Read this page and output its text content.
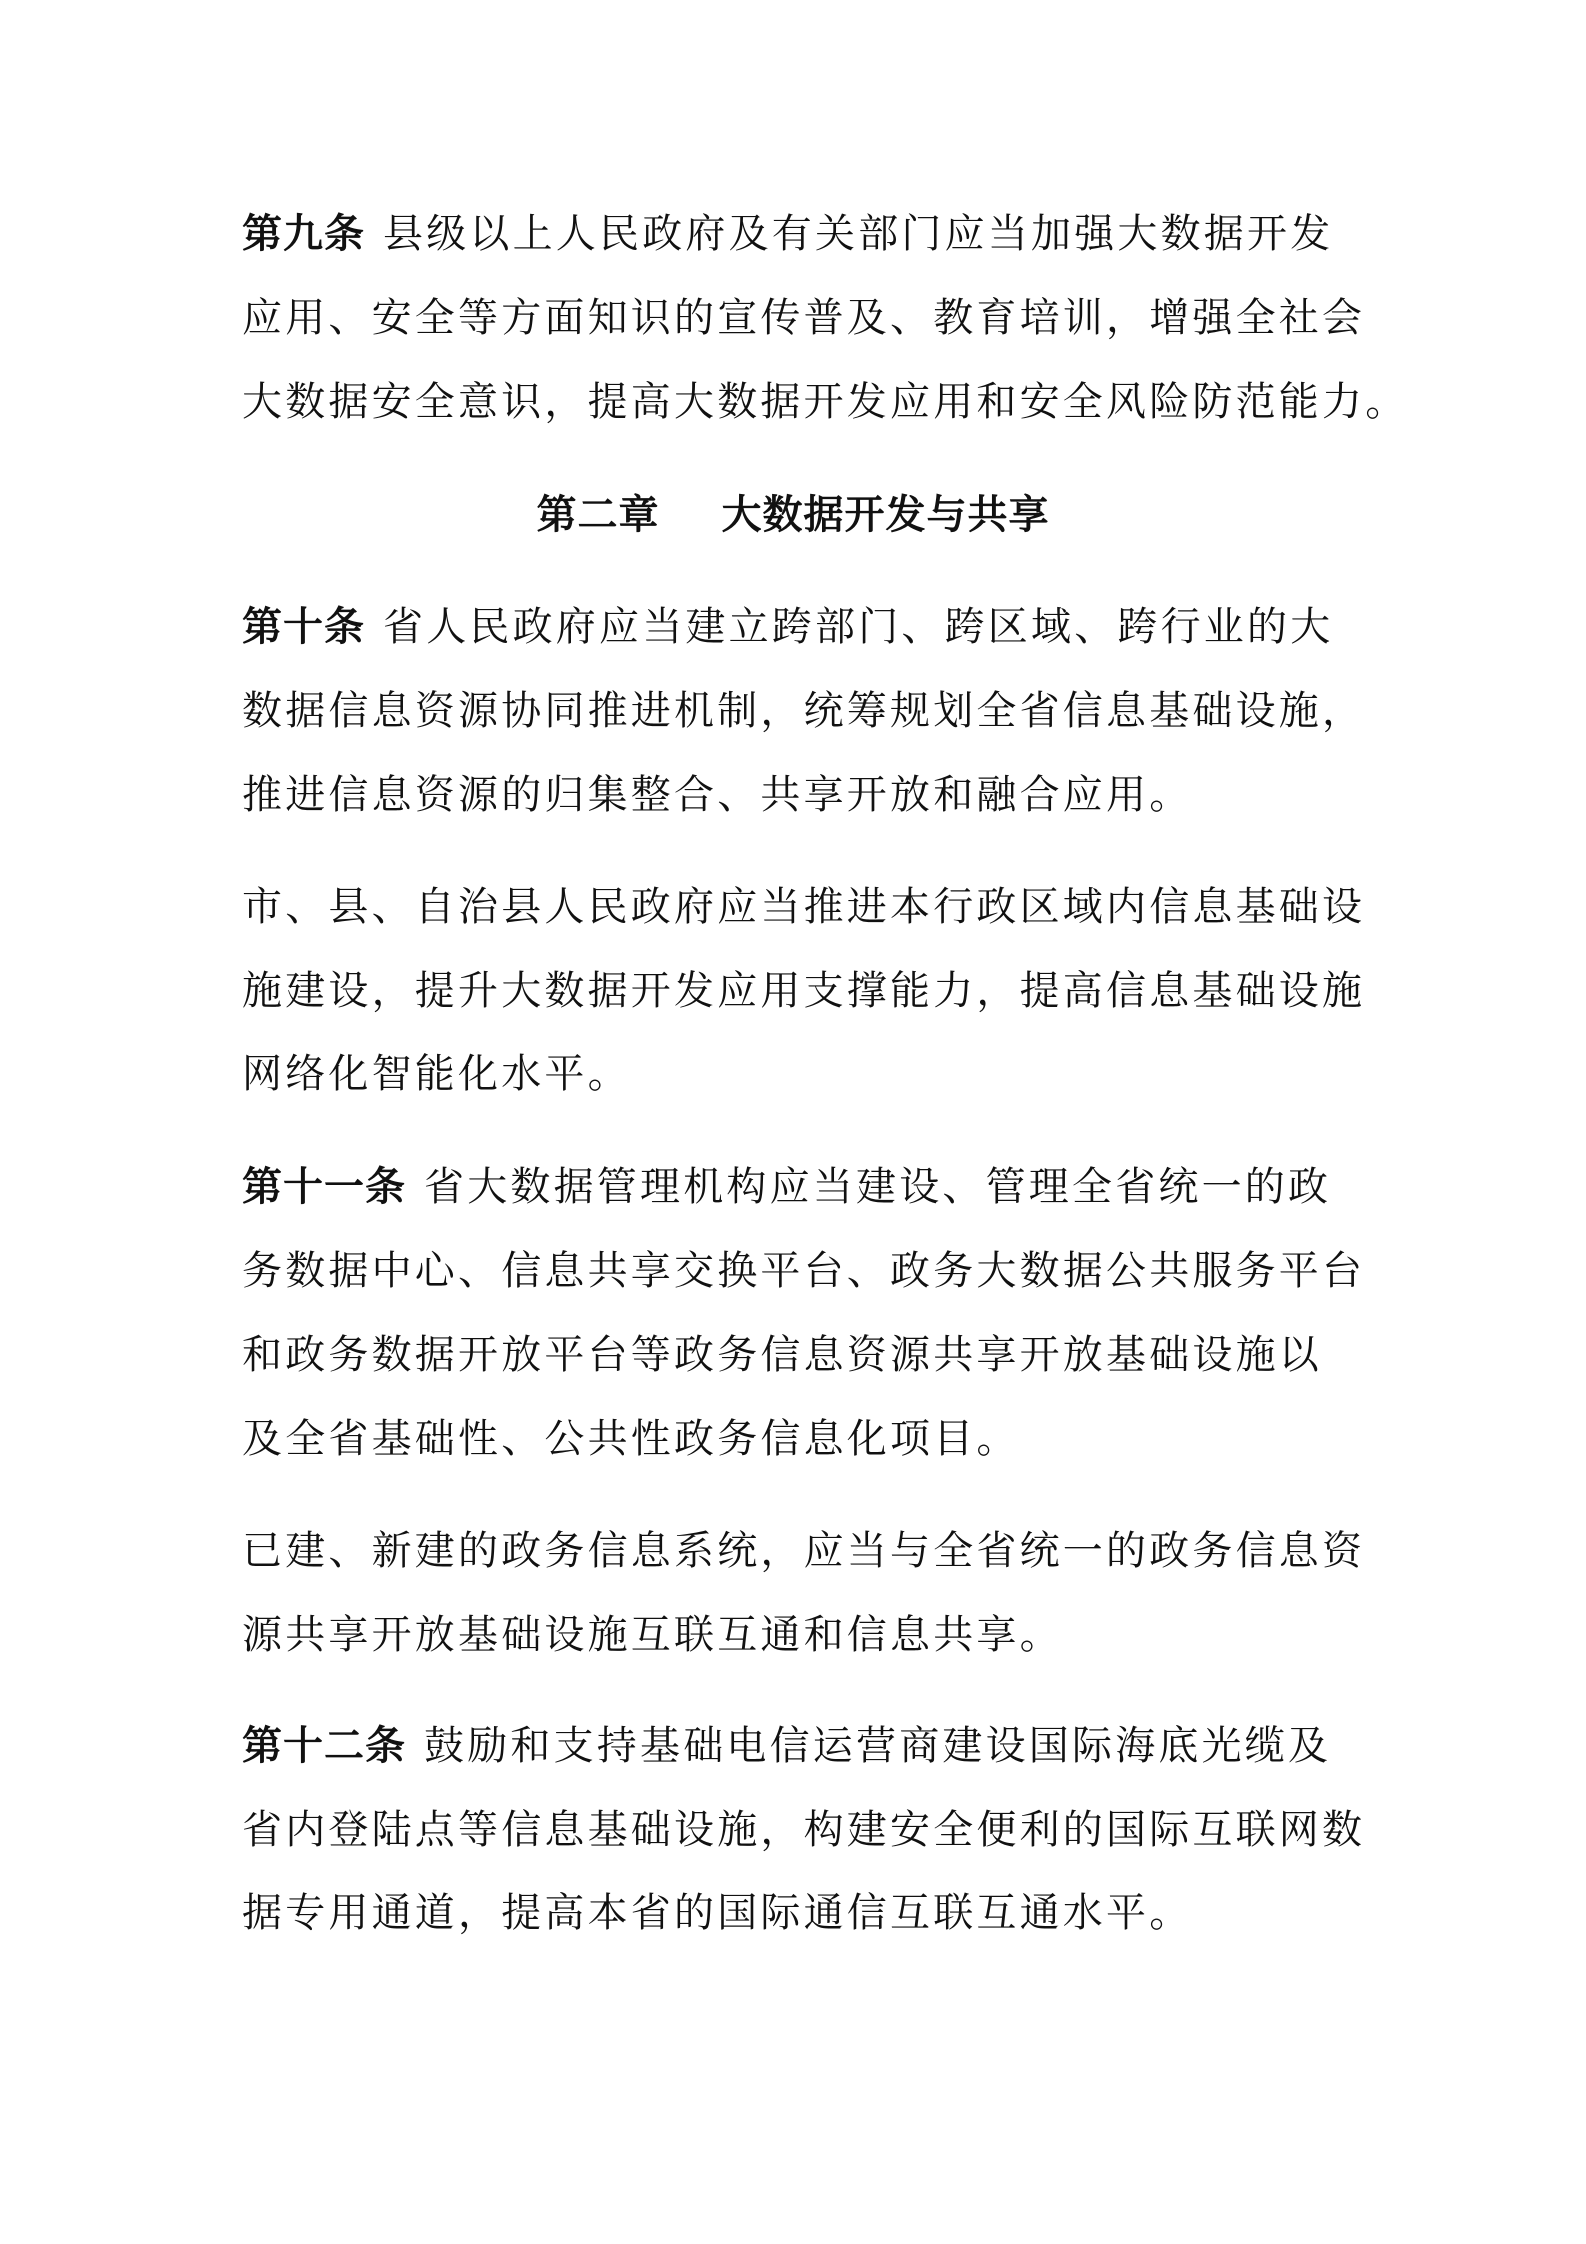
第九条 县级以上人民政府及有关部门应当加强大数据开发
应用、安全等方面知识的宣传普及、教育培训，增强全社会
大数据安全意识，提高大数据开发应用和安全风险防范能力。
第二章 大数据开发与共享
第十条 省人民政府应当建立跨部门、跨区域、跨行业的大
数据信息资源协同推进机制，统筹规划全省信息基础设施，
推进信息资源的归集整合、共享开放和融合应用。
市、县、自治县人民政府应当推进本行政区域内信息基础设
施建设，提升大数据开发应用支撑能力，提高信息基础设施
网络化智能化水平。
第十一条 省大数据管理机构应当建设、管理全省统一的政
务数据中心、信息共享交换平台、政务大数据公共服务平台
和政务数据开放平台等政务信息资源共享开放基础设施以
及全省基础性、公共性政务信息化项目。
已建、新建的政务信息系统，应当与全省统一的政务信息资
源共享开放基础设施互联互通和信息共享。
第十二条 鼓励和支持基础电信运营商建设国际海底光缆及
省内登陆点等信息基础设施，构建安全便利的国际互联网数
据专用通道，提高本省的国际通信互联互通水平。
